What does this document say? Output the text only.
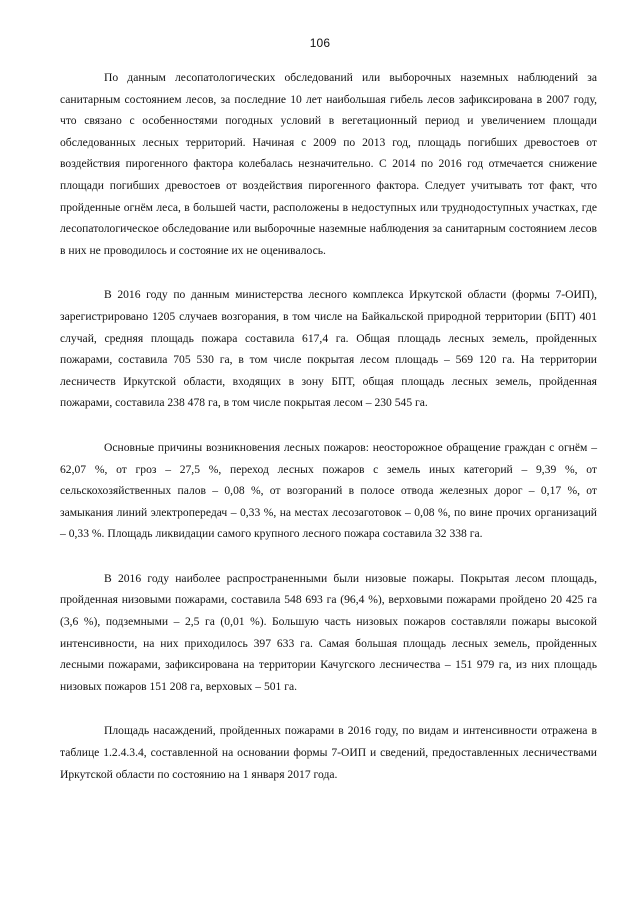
106

По данным лесопатологических обследований или выборочных наземных наблюдений за санитарным состоянием лесов, за последние 10 лет наибольшая гибель лесов зафиксирована в 2007 году, что связано с особенностями погодных условий в вегетационный период и увеличением площади обследованных лесных территорий. Начиная с 2009 по 2013 год, площадь погибших древостоев от воздействия пирогенного фактора колебалась незначительно. С 2014 по 2016 год отмечается снижение площади погибших древостоев от воздействия пирогенного фактора. Следует учитывать тот факт, что пройденные огнём леса, в большей части, расположены в недоступных или труднодоступных участках, где лесопатологическое обследование или выборочные наземные наблюдения за санитарным состоянием лесов в них не проводилось и состояние их не оценивалось.

В 2016 году по данным министерства лесного комплекса Иркутской области (формы 7-ОИП), зарегистрировано 1205 случаев возгорания, в том числе на Байкальской природной территории (БПТ) 401 случай, средняя площадь пожара составила 617,4 га. Общая площадь лесных земель, пройденных пожарами, составила 705 530 га, в том числе покрытая лесом площадь – 569 120 га. На территории лесничеств Иркутской области, входящих в зону БПТ, общая площадь лесных земель, пройденная пожарами, составила 238 478 га, в том числе покрытая лесом – 230 545 га.

Основные причины возникновения лесных пожаров: неосторожное обращение граждан с огнём – 62,07 %, от гроз – 27,5 %, переход лесных пожаров с земель иных категорий – 9,39 %, от сельскохозяйственных палов – 0,08 %, от возгораний в полосе отвода железных дорог – 0,17 %, от замыкания линий электропередач – 0,33 %, на местах лесозаготовок – 0,08 %, по вине прочих организаций – 0,33 %. Площадь ликвидации самого крупного лесного пожара составила 32 338 га.

В 2016 году наиболее распространенными были низовые пожары. Покрытая лесом площадь, пройденная низовыми пожарами, составила 548 693 га (96,4 %), верховыми пожарами пройдено 20 425 га (3,6 %), подземными – 2,5 га (0,01 %). Большую часть низовых пожаров составляли пожары высокой интенсивности, на них приходилось 397 633 га. Самая большая площадь лесных земель, пройденных лесными пожарами, зафиксирована на территории Качугского лесничества – 151 979 га, из них площадь низовых пожаров 151 208 га, верховых – 501 га.

Площадь насаждений, пройденных пожарами в 2016 году, по видам и интенсивности отражена в таблице 1.2.4.3.4, составленной на основании формы 7-ОИП и сведений, предоставленных лесничествами Иркутской области по состоянию на 1 января 2017 года.
